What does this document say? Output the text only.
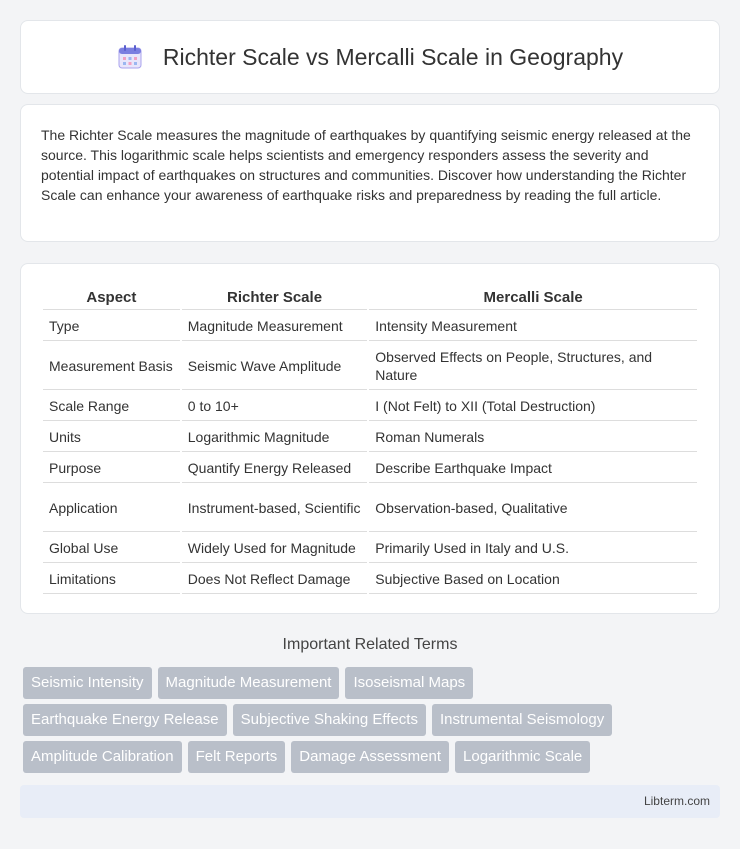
Richter Scale vs Mercalli Scale in Geography

The Richter Scale measures the magnitude of earthquakes by quantifying seismic energy released at the source. This logarithmic scale helps scientists and emergency responders assess the severity and potential impact of earthquakes on structures and communities. Discover how understanding the Richter Scale can enhance your awareness of earthquake risks and preparedness by reading the full article.

Aspect	Richter Scale	Mercalli Scale
Type	Magnitude Measurement	Intensity Measurement
Measurement Basis	Seismic Wave Amplitude	Observed Effects on People, Structures, and Nature
Scale Range	0 to 10+	I (Not Felt) to XII (Total Destruction)
Units	Logarithmic Magnitude	Roman Numerals
Purpose	Quantify Energy Released	Describe Earthquake Impact
Application	Instrument-based, Scientific	Observation-based, Qualitative
Global Use	Widely Used for Magnitude	Primarily Used in Italy and U.S.
Limitations	Does Not Reflect Damage	Subjective Based on Location
Important Related Terms
Seismic Intensity	Magnitude Measurement	Isoseismal Maps
Earthquake Energy Release	Subjective Shaking Effects	Instrumental Seismology
Amplitude Calibration	Felt Reports	Damage Assessment	Logarithmic Scale
Libterm.com
